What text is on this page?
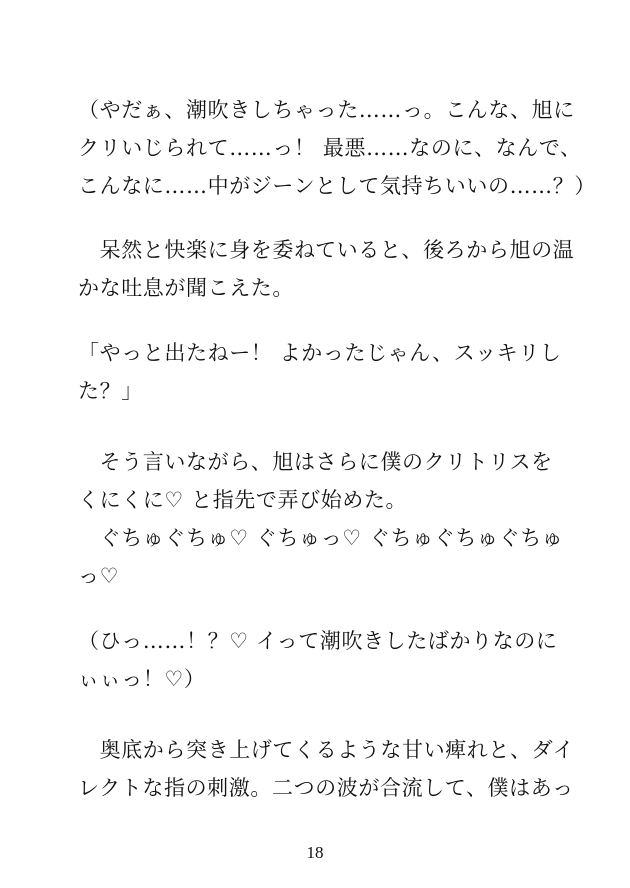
（やだぁ、潮吹きしちゃった……っ。こんな、旭に
クリいじられて……っ！ 最悪……なのに、なんで、
こんなに……中がジーンとして気持ちいいの……？）
　呆然と快楽に身を委ねていると、後ろから旭の温
かな吐息が聞こえた。
「やっと出たねー！ よかったじゃん、スッキリし
た？」
　そう言いながら、旭はさらに僕のクリトリスを
くにくに♡ と指先で弄び始めた。
　ぐちゅぐちゅ♡ ぐちゅっ♡ ぐちゅぐちゅぐちゅ
っ♡
（ひっ……！？♡ イって潮吹きしたばかりなのに
ぃぃっ！♡）
　奥底から突き上げてくるような甘い痺れと、ダイ
レクトな指の刺激。二つの波が合流して、僕はあっ
18
